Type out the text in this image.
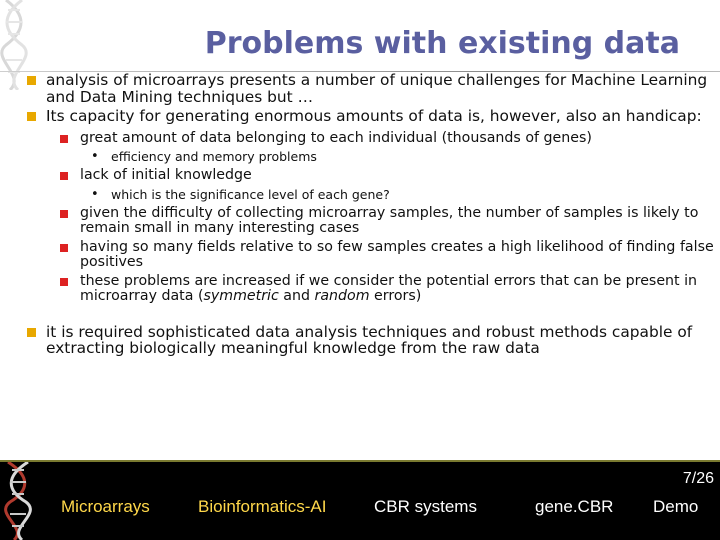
Problems with existing data
analysis of microarrays presents a number of unique challenges for Machine Learning and Data Mining techniques but …
Its capacity for generating enormous amounts of data is, however, also an handicap:
great amount of data belonging to each individual (thousands of genes)
• efficiency and memory problems
lack of initial knowledge
• which is the significance level of each gene?
given the difficulty of collecting microarray samples, the number of samples is likely to remain small in many interesting cases
having so many fields relative to so few samples creates a high likelihood of finding false positives
these problems are increased if we consider the potential errors that can be present in microarray data (symmetric and random errors)
it is required sophisticated data analysis techniques and robust methods capable of extracting biologically meaningful knowledge from the raw data
7/26
Microarrays	Bioinformatics-AI	CBR systems	gene.CBR Demo
